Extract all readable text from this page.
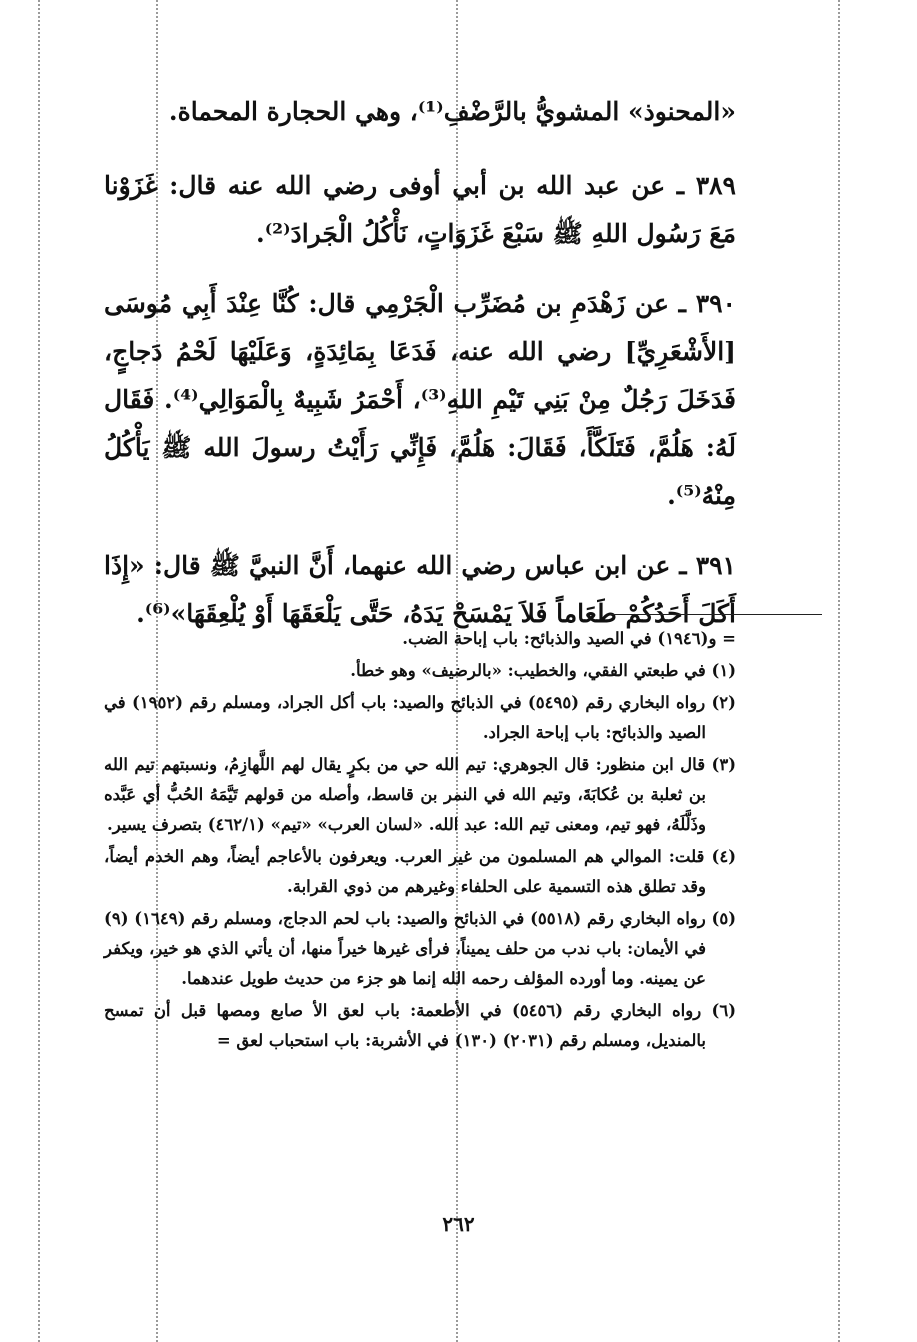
«المحنوذ» المشويُّ بالرَّضْفِ⁽¹⁾، وهي الحجارة المحماة.

٣٨٩ ـ عن عبد الله بن أبي أوفى رضي الله عنه قال: غَزَوْنا مَعَ رَسُول اللهِ ﷺ سَبْعَ غَزَوَاتٍ، نَأْكُلُ الْجَرادَ⁽²⁾.

٣٩٠ ـ عن زَهْدَمِ بن مُضَرِّب الْجَرْمِي قال: كُنَّا عِنْدَ أَبِي مُوسَى [الأَشْعَرِيِّ] رضي الله عنه، فَدَعَا بِمَائِدَةٍ، وَعَلَيْهَا لَحْمُ دَجاجٍ، فَدَخَلَ رَجُلٌ مِنْ بَنِي تَيْمِ اللهِ⁽³⁾، أَحْمَرُ شَبِيهٌ بِالْمَوَالِي⁽⁴⁾. فَقَال لَهُ: هَلُمَّ، فَتَلَكَّأَ، فَقَالَ: هَلُمَّ، فَإِنِّي رَأَيْتُ رسولَ الله ﷺ يَأْكُلُ مِنْهُ⁽⁵⁾.

٣٩١ ـ عن ابن عباس رضي الله عنهما، أَنَّ النبيَّ ﷺ قال: «إِذَا أَكَلَ أَحَدُكُمْ طَعَاماً فَلاَ يَمْسَحْ يَدَهُ، حَتَّى يَلْعَقَهَا أَوْ يُلْعِقَهَا»⁽⁶⁾.

= و(١٩٤٦) في الصيد والذبائح: باب إباحة الضب.
(١) في طبعتي الفقي، والخطيب: «بالرضيف» وهو خطأ.
(٢) رواه البخاري رقم (٥٤٩٥) في الذبائح والصيد: باب أكل الجراد، ومسلم رقم (١٩٥٢) في الصيد والذبائح: باب إباحة الجراد.
(٣) قال ابن منظور: قال الجوهري: تيم الله حي من بكرٍ يقال لهم اللَّهازِمُ، ونسبتهم تيم الله بن ثعلبة بن عُكابَةَ، وتيم الله في النمر بن قاسط، وأصله من قولهم تَيَّمَهُ الحُبُّ أي عَبَّده وذَلَّلَهُ، فهو تيم، ومعنى تيم الله: عبد الله. «لسان العرب» «تيم» (٤٦٢/١) بتصرف يسير.
(٤) قلت: الموالي هم المسلمون من غير العرب. ويعرفون بالأعاجم أيضاً، وهم الخدم أيضاً، وقد تطلق هذه التسمية على الحلفاء وغيرهم من ذوي القرابة.
(٥) رواه البخاري رقم (٥٥١٨) في الذبائح والصيد: باب لحم الدجاج، ومسلم رقم (١٦٤٩) (٩) في الأيمان: باب ندب من حلف يميناً، فرأى غيرها خيراً منها، أن يأتي الذي هو خير، ويكفر عن يمينه. وما أورده المؤلف رحمه الله إنما هو جزء من حديث طويل عندهما.
(٦) رواه البخاري رقم (٥٤٥٦) في الأطعمة: باب لعق الأ صابع ومصها قبل أن تمسح بالمنديل، ومسلم رقم (٢٠٣١) (١٣٠) في الأشربة: باب استحباب لعق =
٢٦٢
